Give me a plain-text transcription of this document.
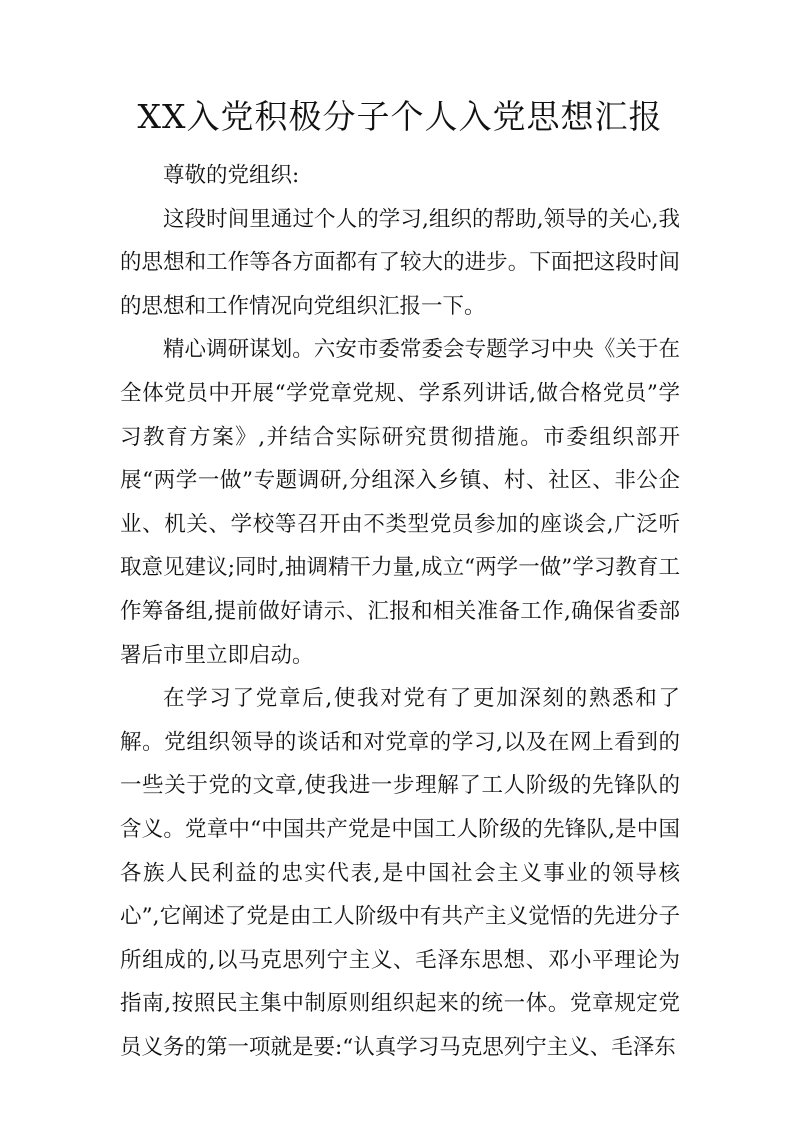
XX入党积极分子个人入党思想汇报

尊敬的党组织:

这段时间里通过个人的学习,组织的帮助,领导的关心,我的思想和工作等各方面都有了较大的进步。下面把这段时间的思想和工作情况向党组织汇报一下。

精心调研谋划。六安市委常委会专题学习中央《关于在全体党员中开展“学党章党规、学系列讲话,做合格党员”学习教育方案》,并结合实际研究贯彻措施。市委组织部开展“两学一做”专题调研,分组深入乡镇、村、社区、非公企业、机关、学校等召开由不类型党员参加的座谈会,广泛听取意见建议;同时,抽调精干力量,成立“两学一做”学习教育工作筹备组,提前做好请示、汇报和相关准备工作,确保省委部署后市里立即启动。

在学习了党章后,使我对党有了更加深刻的熟悉和了解。党组织领导的谈话和对党章的学习,以及在网上看到的一些关于党的文章,使我进一步理解了工人阶级的先锋队的含义。党章中“中国共产党是中国工人阶级的先锋队,是中国各族人民利益的忠实代表,是中国社会主义事业的领导核心”,它阐述了党是由工人阶级中有共产主义觉悟的先进分子所组成的,以马克思列宁主义、毛泽东思想、邓小平理论为指南,按照民主集中制原则组织起来的统一体。党章规定党员义务的第一项就是要:“认真学习马克思列宁主义、毛泽东
